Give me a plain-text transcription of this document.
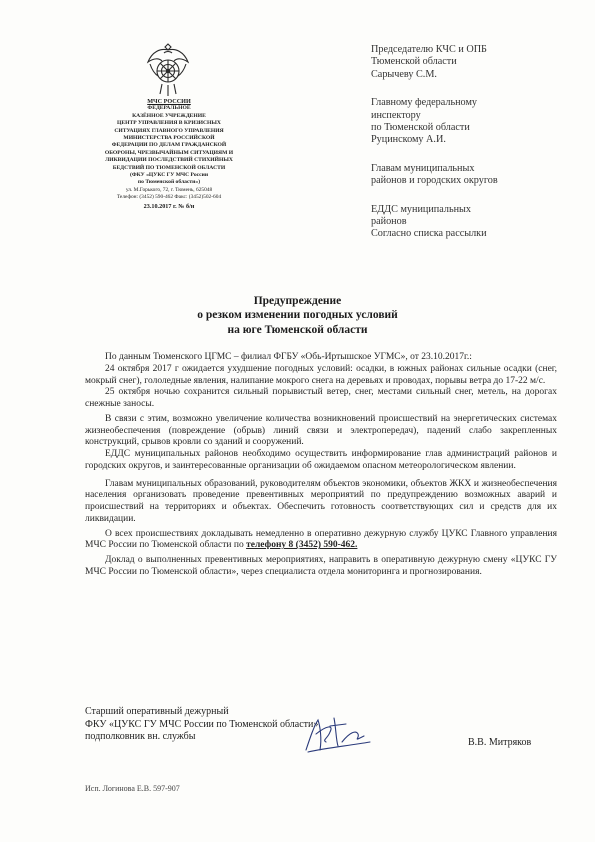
МЧС РОССИИ
ФЕДЕРАЛЬНОЕ
КАЗЁННОЕ УЧРЕЖДЕНИЕ
ЦЕНТР УПРАВЛЕНИЯ В КРИЗИСНЫХ
СИТУАЦИЯХ ГЛАВНОГО УПРАВЛЕНИЯ
МИНИСТЕРСТВА РОССИЙСКОЙ
ФЕДЕРАЦИИ ПО ДЕЛАМ ГРАЖДАНСКОЙ
ОБОРОНЫ, ЧРЕЗВЫЧАЙНЫМ СИТУАЦИЯМ И
ЛИКВИДАЦИИ ПОСЛЕДСТВИЙ СТИХИЙНЫХ
БЕДСТВИЙ ПО ТЮМЕНСКОЙ ОБЛАСТИ
(ФКУ «ЦУКС ГУ МЧС России
по Тюменской области»)
ул. М.Горького, 72, г. Тюмень, 625048
Телефон: (3452) 590-462 Факс: (3452)502-604
23.10.2017 г. № б/н
Председателю КЧС и ОПБ
Тюменской области
Сарычеву С.М.
Главному федеральному
инспектору
по Тюменской области
Руцинскому А.И.
Главам муниципальных
районов и городских округов
ЕДДС муниципальных
районов
Согласно списка рассылки
Предупреждение
о резком изменении погодных условий
на юге Тюменской области

По данным Тюменского ЦГМС – филиал ФГБУ «Обь-Иртышское УГМС», от 23.10.2017г.:

24 октября 2017 г ожидается ухудшение погодных условий: осадки, в южных районах сильные осадки (снег, мокрый снег), гололедные явления, налипание мокрого снега на деревьях и проводах, порывы ветра до 17-22 м/с.

25 октября ночью сохранится сильный порывистый ветер, снег, местами сильный снег, метель, на дорогах снежные заносы.

В связи с этим, возможно увеличение количества возникновений происшествий на энергетических системах жизнеобеспечения (повреждение (обрыв) линий связи и электропередач), падений слабо закрепленных конструкций, срывов кровли со зданий и сооружений.

ЕДДС муниципальных районов необходимо осуществить информирование глав администраций районов и городских округов, и заинтересованные организации об ожидаемом опасном метеорологическом явлении.

Главам муниципальных образований, руководителям объектов экономики, объектов ЖКХ и жизнеобеспечения населения организовать проведение превентивных мероприятий по предупреждению возможных аварий и происшествий на территориях и объектах. Обеспечить готовность соответствующих сил и средств для их ликвидации.

О всех происшествиях докладывать немедленно в оперативно дежурную службу ЦУКС Главного управления МЧС России по Тюменской области по телефону 8 (3452) 590-462.

Доклад о выполненных превентивных мероприятиях, направить в оперативную дежурную смену «ЦУКС ГУ МЧС России по Тюменской области», через специалиста отдела мониторинга и прогнозирования.

Старший оперативный дежурный
ФКУ «ЦУКС ГУ МЧС России по Тюменской области»
подполковник вн. службы
В.В. Митряков
Исп. Логинова Е.В. 597-907
